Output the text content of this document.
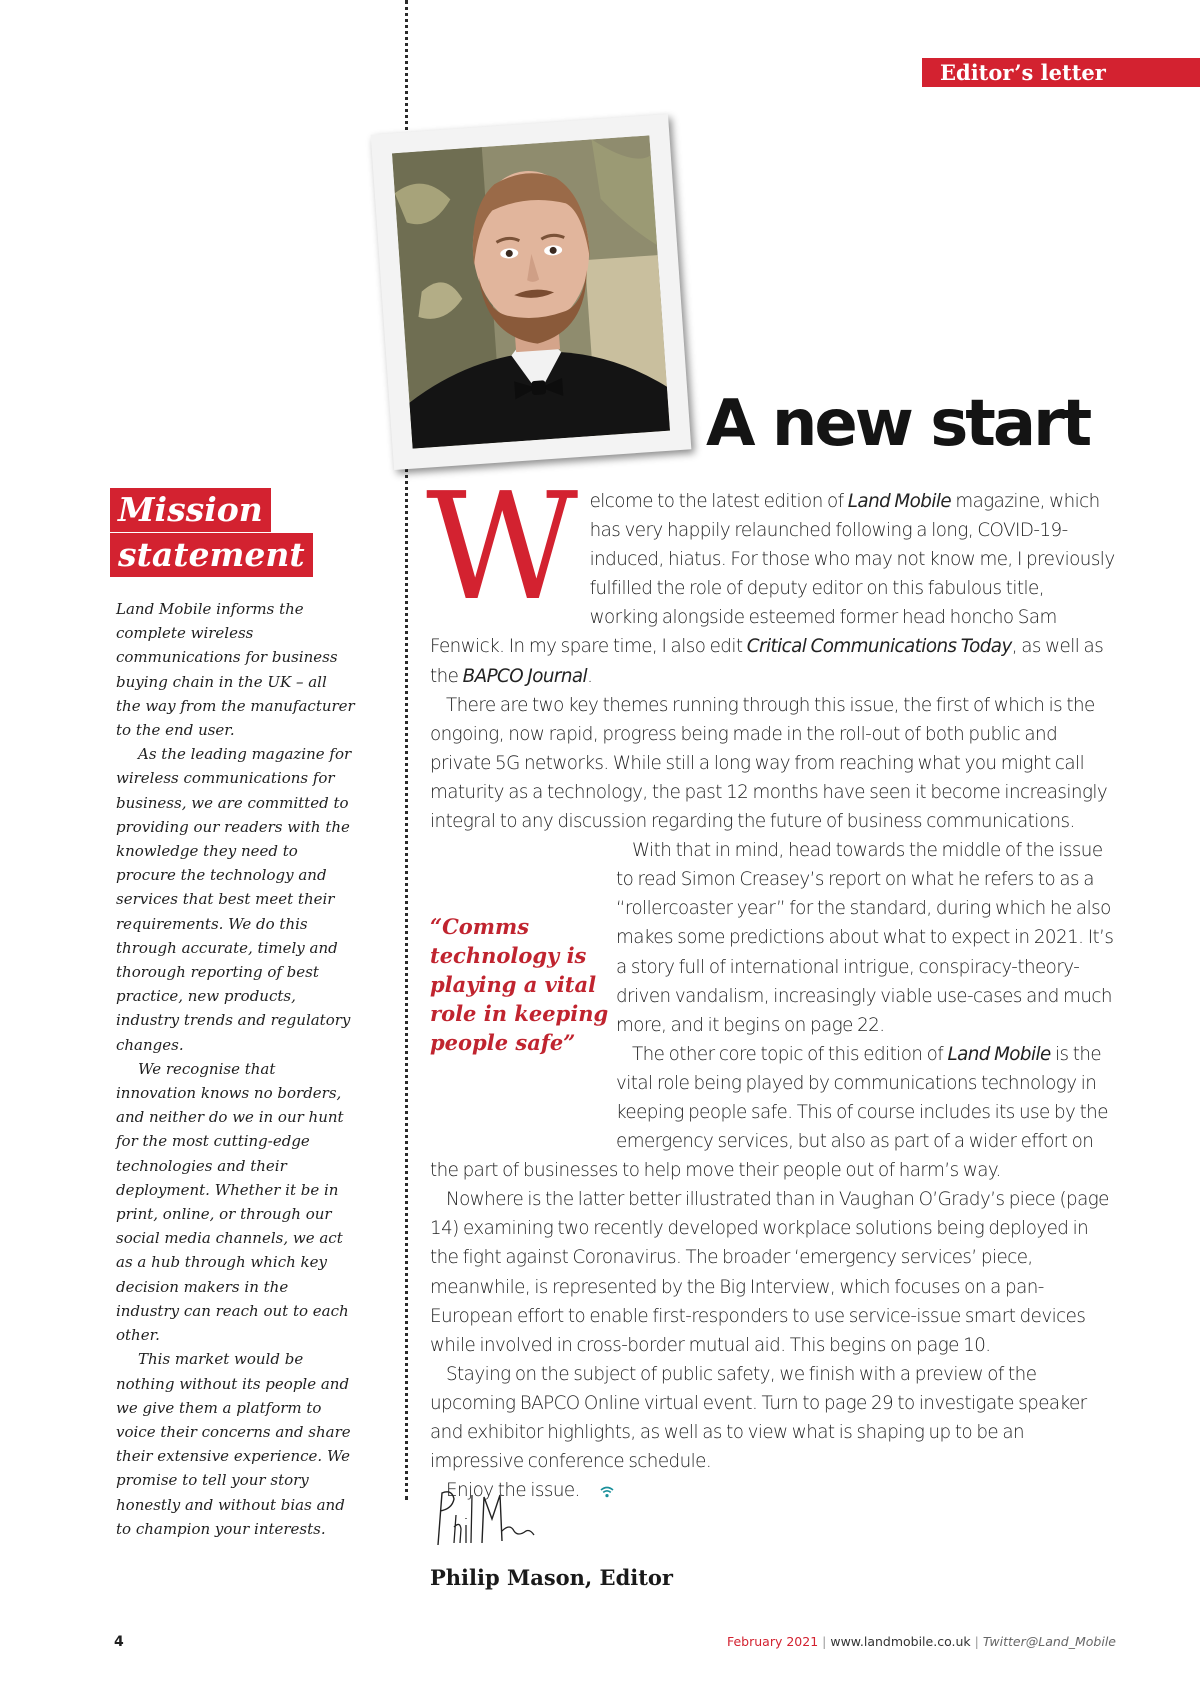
Editor’s letter
A new start
Mission
statement

Land Mobile informs the complete wireless communications for business buying chain in the UK – all the way from the manufacturer to the end user.

As the leading magazine for wireless communications for business, we are committed to providing our readers with the knowledge they need to procure the technology and services that best meet their requirements. We do this through accurate, timely and thorough reporting of best practice, new products, industry trends and regulatory changes.

We recognise that innovation knows no borders, and neither do we in our hunt for the most cutting-edge technologies and their deployment. Whether it be in print, online, or through our social media channels, we act as a hub through which key decision makers in the industry can reach out to each other.

This market would be nothing without its people and we give them a platform to voice their concerns and share their extensive experience. We promise to tell your story honestly and without bias and to champion your interests.

W elcome to the latest edition of Land Mobile magazine, which has very happily relaunched following a long, COVID-19-induced, hiatus. For those who may not know me, I previously fulfilled the role of deputy editor on this fabulous title, working alongside esteemed former head honcho Sam Fenwick. In my spare time, I also edit Critical Communications Today, as well as the BAPCO Journal.

There are two key themes running through this issue, the first of which is the ongoing, now rapid, progress being made in the roll-out of both public and private 5G networks. While still a long way from reaching what you might call maturity as a technology, the past 12 months have seen it become increasingly integral to any discussion regarding the future of business communications.

With that in mind, head towards the middle of the issue to read Simon Creasey’s report on what he refers to as a “rollercoaster year” for the standard, during which he also makes some predictions about what to expect in 2021. It’s a story full of international intrigue, conspiracy-theory-driven vandalism, increasingly viable use-cases and much more, and it begins on page 22.

The other core topic of this edition of Land Mobile is the vital role being played by communications technology in keeping people safe. This of course includes its use by the emergency services, but also as part of a wider effort on the part of businesses to help move their people out of harm’s way.

Nowhere is the latter better illustrated than in Vaughan O’Grady’s piece (page 14) examining two recently developed workplace solutions being deployed in the fight against Coronavirus. The broader ‘emergency services’ piece, meanwhile, is represented by the Big Interview, which focuses on a pan-European effort to enable first-responders to use service-issue smart devices while involved in cross-border mutual aid. This begins on page 10.

Staying on the subject of public safety, we finish with a preview of the upcoming BAPCO Online virtual event. Turn to page 29 to investigate speaker and exhibitor highlights, as well as to view what is shaping up to be an impressive conference schedule.

Enjoy the issue.

“Comms technology is playing a vital role in keeping people safe”
Philip Mason, Editor
4	February 2021 | www.landmobile.co.uk | Twitter@Land_Mobile
